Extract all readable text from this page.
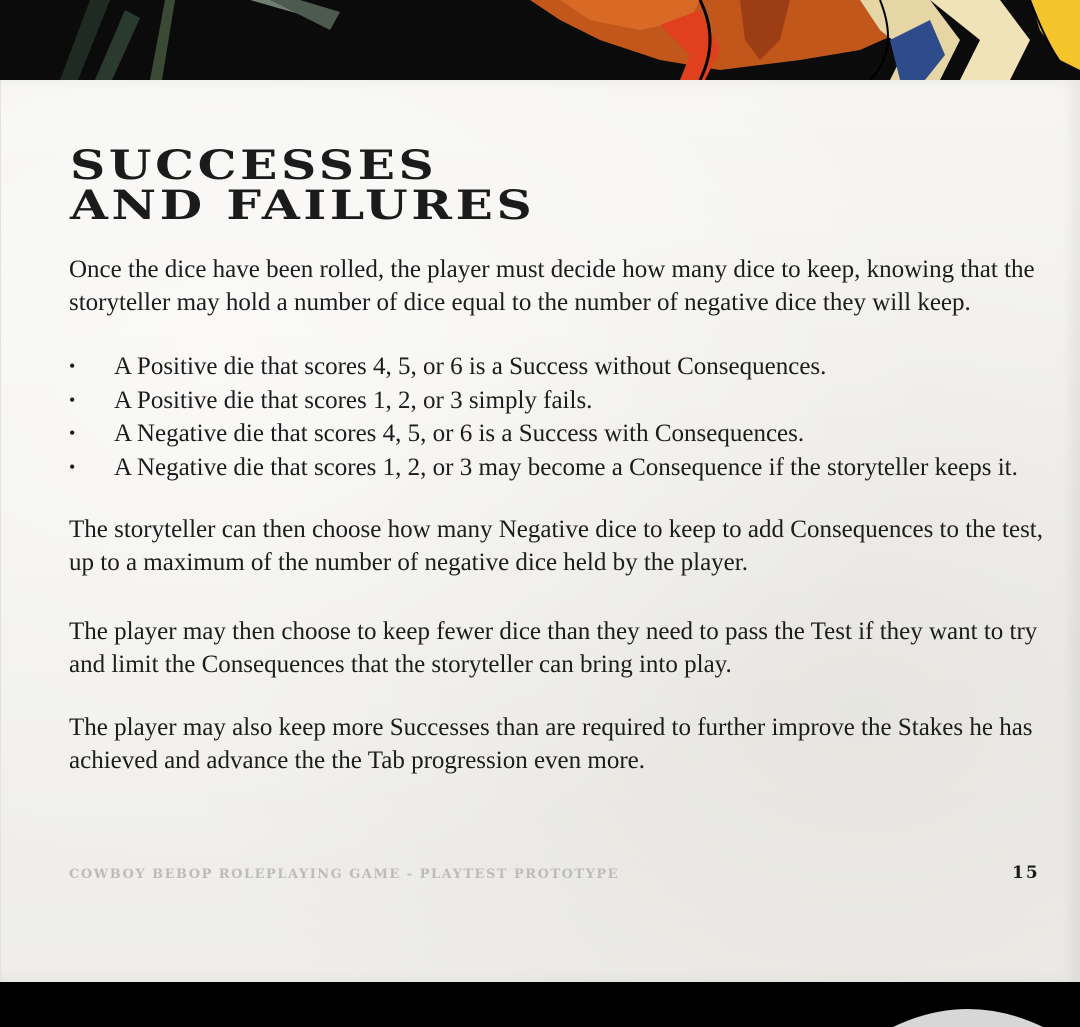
SUCCESSES
AND FAILURES

Once the dice have been rolled, the player must decide how many dice to keep, knowing that the storyteller may hold a number of dice equal to the number of negative dice they will keep.

• A Positive die that scores 4, 5, or 6 is a Success without Consequences.
• A Positive die that scores 1, 2, or 3 simply fails.
• A Negative die that scores 4, 5, or 6 is a Success with Consequences.
• A Negative die that scores 1, 2, or 3 may become a Consequence if the storyteller keeps it.

The storyteller can then choose how many Negative dice to keep to add Consequences to the test, up to a maximum of the number of negative dice held by the player.

The player may then choose to keep fewer dice than they need to pass the Test if they want to try and limit the Consequences that the storyteller can bring into play.

The player may also keep more Successes than are required to further improve the Stakes he has achieved and advance the the Tab progression even more.

COWBOY BEBOP ROLEPLAYING GAME - PLAYTEST PROTOTYPE	15
